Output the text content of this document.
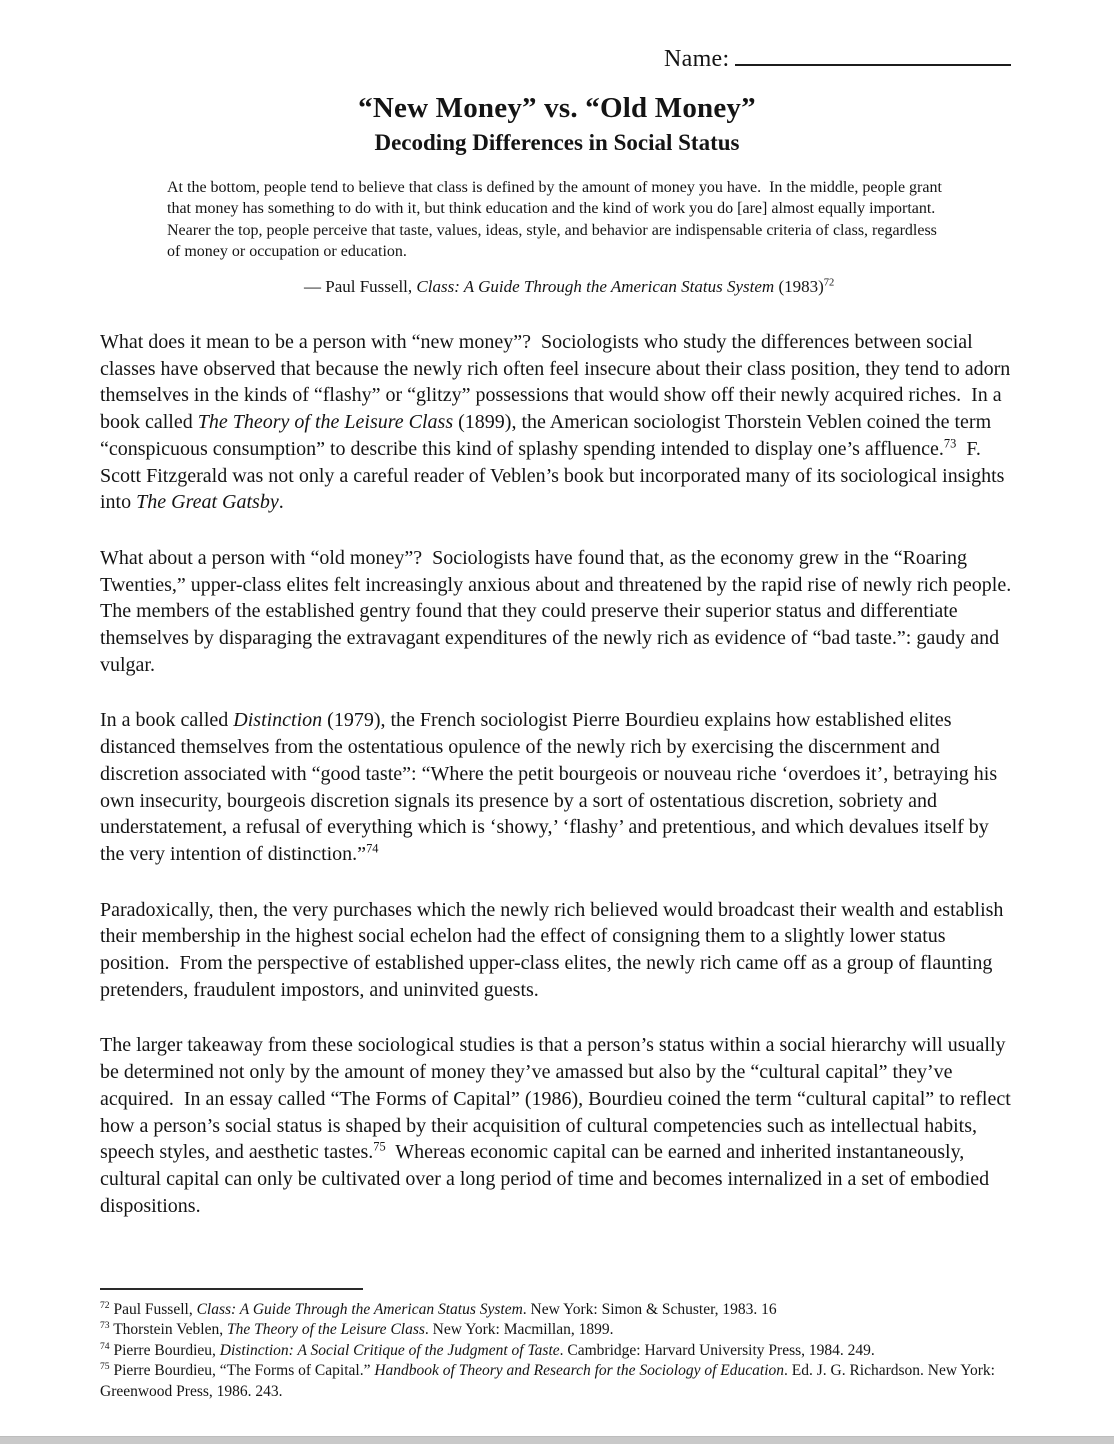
Name:
“New Money” vs. “Old Money”
Decoding Differences in Social Status
At the bottom, people tend to believe that class is defined by the amount of money you have.  In the middle, people grant that money has something to do with it, but think education and the kind of work you do [are] almost equally important.  Nearer the top, people perceive that taste, values, ideas, style, and behavior are indispensable criteria of class, regardless of money or occupation or education.
— Paul Fussell, Class: A Guide Through the American Status System $(1983)^{72}$

What does it mean to be a person with “new money”?  Sociologists who study the differences between social classes have observed that because the newly rich often feel insecure about their class position, they tend to adorn themselves in the kinds of “flashy” or “glitzy” possessions that would show off their newly acquired riches.  In a book called The Theory of the Leisure Class (1899), the American sociologist Thorstein Veblen coined the term “conspicuous consumption” to describe this kind of splashy spending intended to display one’s affluence.$^{73}$  F. Scott Fitzgerald was not only a careful reader of Veblen’s book but incorporated many of its sociological insights into The Great Gatsby.

What about a person with “old money”?  Sociologists have found that, as the economy grew in the “Roaring Twenties,” upper-class elites felt increasingly anxious about and threatened by the rapid rise of newly rich people.  The members of the established gentry found that they could preserve their superior status and differentiate themselves by disparaging the extravagant expenditures of the newly rich as evidence of “bad taste.”: gaudy and vulgar.

In a book called Distinction (1979), the French sociologist Pierre Bourdieu explains how established elites distanced themselves from the ostentatious opulence of the newly rich by exercising the discernment and discretion associated with “good taste”: “Where the petit bourgeois or nouveau riche ‘overdoes it’, betraying his own insecurity, bourgeois discretion signals its presence by a sort of ostentatious discretion, sobriety and understatement, a refusal of everything which is ‘showy,’ ‘flashy’ and pretentious, and which devalues itself by the very intention of distinction.”$^{74}$

Paradoxically, then, the very purchases which the newly rich believed would broadcast their wealth and establish their membership in the highest social echelon had the effect of consigning them to a slightly lower status position.  From the perspective of established upper-class elites, the newly rich came off as a group of flaunting pretenders, fraudulent impostors, and uninvited guests.

The larger takeaway from these sociological studies is that a person’s status within a social hierarchy will usually be determined not only by the amount of money they’ve amassed but also by the “cultural capital” they’ve acquired.  In an essay called “The Forms of Capital” (1986), Bourdieu coined the term “cultural capital” to reflect how a person’s social status is shaped by their acquisition of cultural competencies such as intellectual habits, speech styles, and aesthetic tastes.$^{75}$  Whereas economic capital can be earned and inherited instantaneously, cultural capital can only be cultivated over a long period of time and becomes internalized in a set of embodied dispositions.

$^{72}$ Paul Fussell, Class: A Guide Through the American Status System. New York: Simon & Schuster, 1983. 16
$^{73}$ Thorstein Veblen, The Theory of the Leisure Class. New York: Macmillan, 1899.
$^{74}$ Pierre Bourdieu, Distinction: A Social Critique of the Judgment of Taste. Cambridge: Harvard University Press, 1984. 249.
$^{75}$ Pierre Bourdieu, “The Forms of Capital.” Handbook of Theory and Research for the Sociology of Education. Ed. J. G. Richardson. New York: Greenwood Press, 1986. 243.
